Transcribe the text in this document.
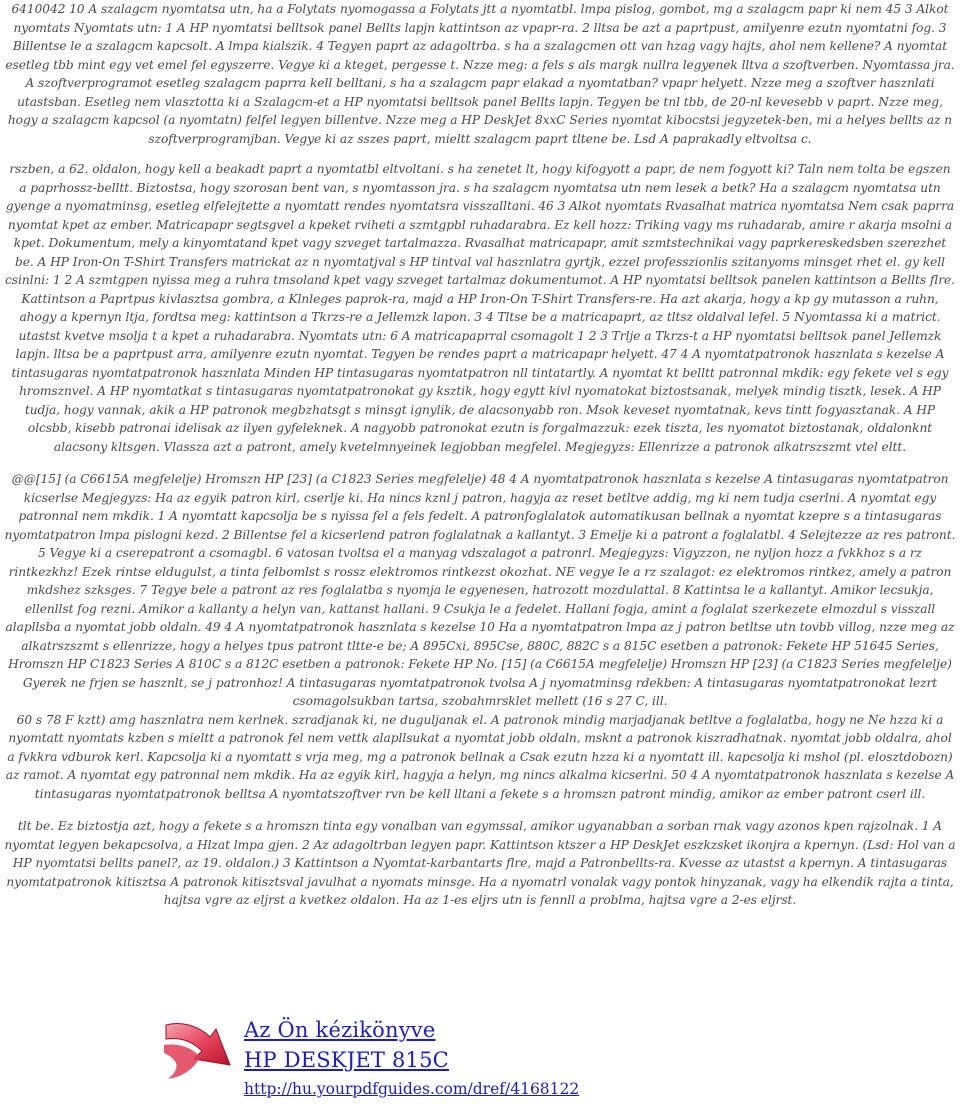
6410042 10 A szalagcm nyomtatsa utn, ha a Folytats nyomogassa a Folytats jtt a nyomtatbl. lmpa pislog, gombot, mg a szalagcm papr ki nem 45 3 Alkot nyomtats Nyomtats utn: 1 A HP nyomtatsi belltsok panel Bellts lapjn kattintson az vpapr-ra. 2 lltsa be azt a paprtpust, amilyenre ezutn nyomtatni fog. 3 Billentse le a szalagcm kapcsolt. A lmpa kialszik. 4 Tegyen paprt az adagoltrba. s ha a szalagcmen ott van hzag vagy hajts, ahol nem kellene? A nyomtat esetleg tbb mint egy vet emel fel egyszerre. Vegye ki a kteget, pergesse t. Nzze meg: a fels s als margk nullra legyenek lltva a szoftverben. Nyomtassa jra. A szoftverprogramot esetleg szalagcm paprra kell belltani, s ha a szalagcm papr elakad a nyomtatban? vpapr helyett. Nzze meg a szoftver hasznlati utastsban. Esetleg nem vlasztotta ki a Szalagcm-et a HP nyomtatsi belltsok panel Bellts lapjn. Tegyen be tnl tbb, de 20-nl kevesebb v paprt. Nzze meg, hogy a szalagcm kapcsol (a nyomtatn) felfel legyen billentve. Nzze meg a HP DeskJet 8xxC Series nyomtat kibocstsi jegyzetek-ben, mi a helyes bellts az n szoftverprogramjban. Vegye ki az sszes paprt, mieltt szalagcm paprt tltene be. Lsd A paprakadly eltvoltsa c.

rszben, a 62. oldalon, hogy kell a beakadt paprt a nyomtatbl eltvoltani. s ha zenetet lt, hogy kifogyott a papr, de nem fogyott ki? Taln nem tolta be egszen a paprhossz-belltt. Biztostsa, hogy szorosan bent van, s nyomtasson jra. s ha szalagcm nyomtatsa utn nem lesek a betk? Ha a szalagcm nyomtatsa utn gyenge a nyomatminsg, esetleg elfelejtette a nyomtatt rendes nyomtatsra visszalltani. 46 3 Alkot nyomtats Rvasalhat matrica nyomtatsa Nem csak paprra nyomtat kpet az ember. Matricapapr segtsgvel a kpeket rviheti a szmtgpbl ruhadarabra. Ez kell hozz: Triking vagy ms ruhadarab, amire r akarja msolni a kpet. Dokumentum, mely a kinyomtatand kpet vagy szveget tartalmazza. Rvasalhat matricapapr, amit szmtstechnikai vagy paprkereskedsben szerezhet be. A HP Iron-On T-Shirt Transfers matrickat az n nyomtatjval s HP tintval val hasznlatra gyrtjk, ezzel professzionlis szitanyoms minsget rhet el. gy kell csinlni: 1 2 A szmtgpen nyissa meg a ruhra tmsoland kpet vagy szveget tartalmaz dokumentumot. A HP nyomtatsi belltsok panelen kattintson a Bellts flre. Kattintson a Paprtpus kivlasztsa gombra, a Klnleges paprok-ra, majd a HP Iron-On T-Shirt Transfers-re. Ha azt akarja, hogy a kp gy mutasson a ruhn, ahogy a kpernyn ltja, fordtsa meg: kattintson a Tkrzs-re a Jellemzk lapon. 3 4 Tltse be a matricapaprt, az tltsz oldalval lefel. 5 Nyomtassa ki a matrict. utastst kvetve msolja t a kpet a ruhadarabra. Nyomtats utn: 6 A matricapaprral csomagolt 1 2 3 Trlje a Tkrzs-t a HP nyomtatsi belltsok panel Jellemzk lapjn. lltsa be a paprtpust arra, amilyenre ezutn nyomtat. Tegyen be rendes paprt a matricapapr helyett. 47 4 A nyomtatpatronok hasznlata s kezelse A tintasugaras nyomtatpatronok hasznlata Minden HP tintasugaras nyomtatpatron nll tintatartly. A nyomtat kt belltt patronnal mkdik: egy fekete vel s egy hromsznvel. A HP nyomtatkat s tintasugaras nyomtatpatronokat gy ksztik, hogy egytt kivl nyomatokat biztostsanak, melyek mindig tisztk, lesek. A HP tudja, hogy vannak, akik a HP patronok megbzhatsgt s minsgt ignylik, de alacsonyabb ron. Msok keveset nyomtatnak, kevs tintt fogyasztanak. A HP olcsbb, kisebb patronai idelisak az ilyen gyfeleknek. A nagyobb patronokat ezutn is forgalmazzuk: ezek tiszta, les nyomatot biztostanak, oldalonknt alacsony kltsgen. Vlassza azt a patront, amely kvetelmnyeinek legjobban megfelel. Megjegyzs: Ellenrizze a patronok alkatrszszmt vtel eltt.

@@[15] (a C6615A megfelelje) Hromszn HP [23] (a C1823 Series megfelelje) 48 4 A nyomtatpatronok hasznlata s kezelse A tintasugaras nyomtatpatron kicserlse Megjegyzs: Ha az egyik patron kirl, cserlje ki. Ha nincs kznl j patron, hagyja az reset betltve addig, mg ki nem tudja cserlni. A nyomtat egy patronnal nem mkdik. 1 A nyomtatt kapcsolja be s nyissa fel a fels fedelt. A patronfoglalatok automatikusan bellnak a nyomtat kzepre s a tintasugaras nyomtatpatron lmpa pislogni kezd. 2 Billentse fel a kicserlend patron foglalatnak a kallantyt. 3 Emelje ki a patront a foglalatbl. 4 Selejtezze az res patront. 5 Vegye ki a cserepatront a csomagbl. 6 vatosan tvoltsa el a manyag vdszalagot a patronrl. Megjegyzs: Vigyzzon, ne nyljon hozz a fvkkhoz s a rz rintkezkhz! Ezek rintse eldugulst, a tinta felbomlst s rossz elektromos rintkezst okozhat. NE vegye le a rz szalagot: ez elektromos rintkez, amely a patron mkdshez szksges. 7 Tegye bele a patront az res foglalatba s nyomja le egyenesen, hatrozott mozdulattal. 8 Kattintsa le a kallantyt. Amikor lecsukja, ellenllst fog rezni. Amikor a kallanty a helyn van, kattanst hallani. 9 Csukja le a fedelet. Hallani fogja, amint a foglalat szerkezete elmozdul s visszall alapllsba a nyomtat jobb oldaln. 49 4 A nyomtatpatronok hasznlata s kezelse 10 Ha a nyomtatpatron lmpa az j patron betltse utn tovbb villog, nzze meg az alkatrszszmt s ellenrizze, hogy a helyes tpus patront tltte-e be; A 895Cxi, 895Cse, 880C, 882C s a 815C esetben a patronok: Fekete HP 51645 Series, Hromszn HP C1823 Series A 810C s a 812C esetben a patronok: Fekete HP No. [15] (a C6615A megfelelje) Hromszn HP [23] (a C1823 Series megfelelje) Gyerek ne frjen se hasznlt, se j patronhoz! A tintasugaras nyomtatpatronok tvolsa A j nyomatminsg rdekben: A tintasugaras nyomtatpatronokat lezrt csomagolsukban tartsa, szobahmrsklet mellett (16 s 27 C, ill.

60 s 78 F kztt) amg hasznlatra nem kerlnek. szradjanak ki, ne duguljanak el. A patronok mindig marjadjanak betltve a foglalatba, hogy ne Ne hzza ki a nyomtatt nyomtats kzben s mieltt a patronok fel nem vettk alapllsukat a nyomtat jobb oldaln, msknt a patronok kiszradhatnak. nyomtat jobb oldalra, ahol a fvkkra vdburok kerl. Kapcsolja ki a nyomtatt s vrja meg, mg a patronok bellnak a Csak ezutn hzza ki a nyomtatt ill. kapcsolja ki mshol (pl. elosztdobozn) az ramot. A nyomtat egy patronnal nem mkdik. Ha az egyik kirl, hagyja a helyn, mg nincs alkalma kicserlni. 50 4 A nyomtatpatronok hasznlata s kezelse A tintasugaras nyomtatpatronok belltsa A nyomtatszoftver rvn be kell lltani a fekete s a hromszn patront mindig, amikor az ember patront cserl ill.

tlt be. Ez biztostja azt, hogy a fekete s a hromszn tinta egy vonalban van egymssal, amikor ugyanabban a sorban rnak vagy azonos kpen rajzolnak. 1 A nyomtat legyen bekapcsolva, a Hlzat lmpa gjen. 2 Az adagoltrban legyen papr. Kattintson ktszer a HP DeskJet eszkzsket ikonjra a kpernyn. (Lsd: Hol van a HP nyomtatsi bellts panel?, az 19. oldalon.) 3 Kattintson a Nyomtat-karbantarts flre, majd a Patronbellts-ra. Kvesse az utastst a kpernyn. A tintasugaras nyomtatpatronok kitisztsa A patronok kitisztsval javulhat a nyomats minsge. Ha a nyomatrl vonalak vagy pontok hinyzanak, vagy ha elkendik rajta a tinta, hajtsa vgre az eljrst a kvetkez oldalon. Ha az 1-es eljrs utn is fennll a problma, hajtsa vgre a 2-es eljrst.

Az Ön kézikönyve
HP DESKJET 815C
http://hu.yourpdfguides.com/dref/4168122
